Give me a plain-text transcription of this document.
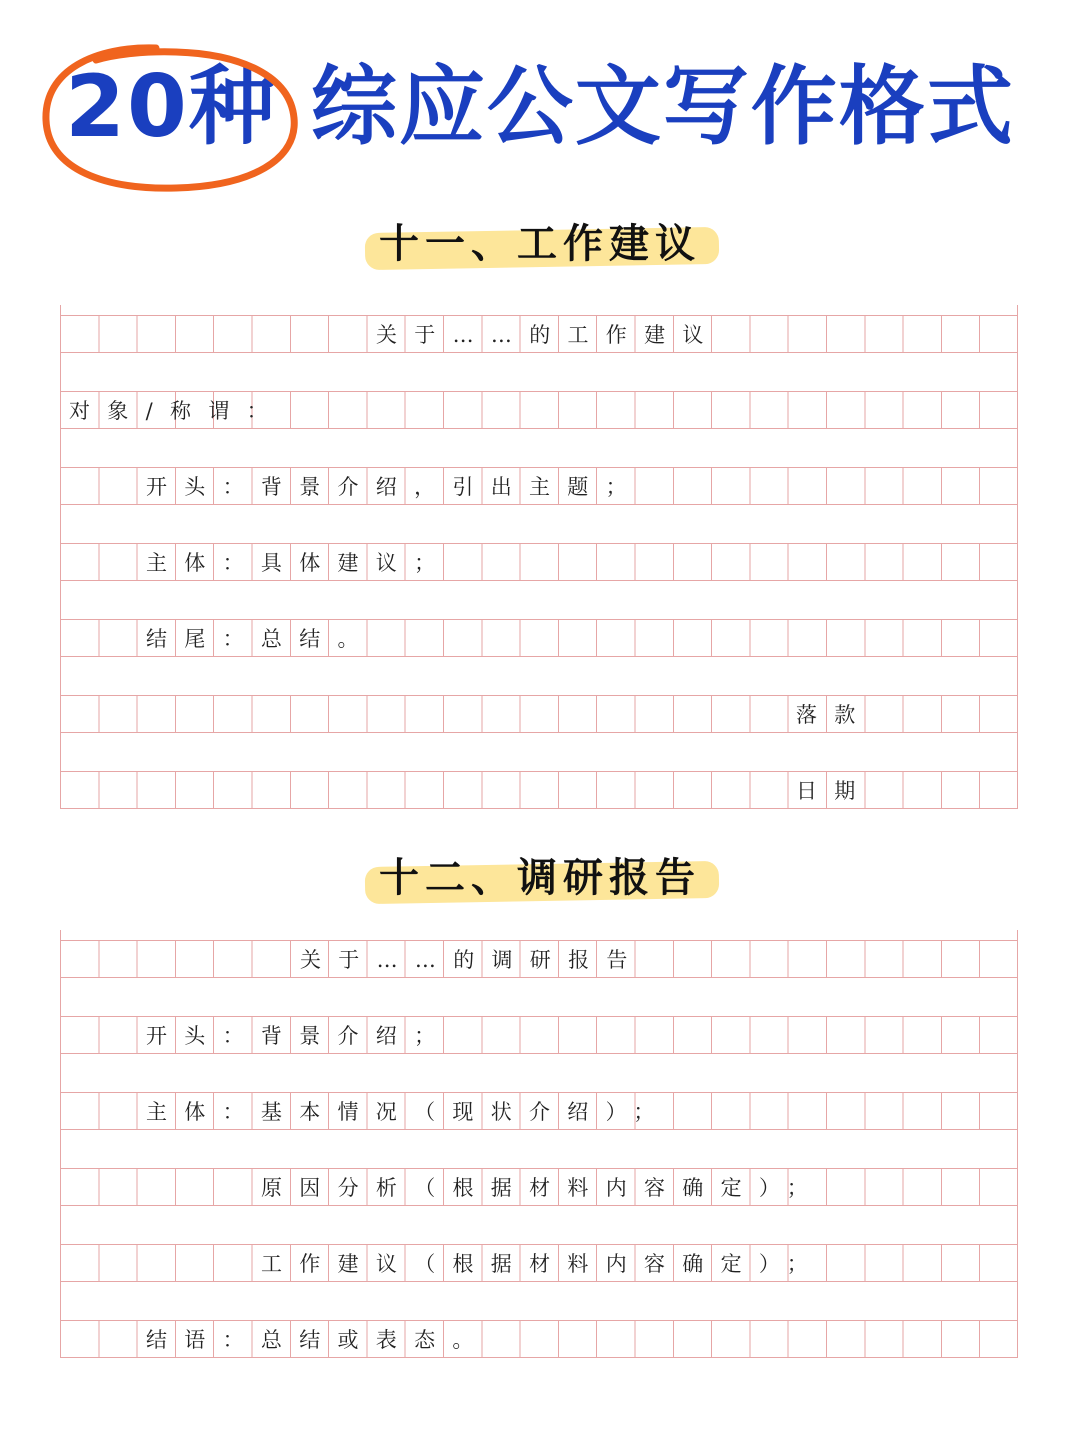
20种 综应公文写作格式
十一、工作建议
关于……的工作建议
对象/称谓：
开头：背景介绍，引出主题；
主体：具体建议；
结尾：总结。
落款
日期
十二、调研报告
关于……的调研报告
开头：背景介绍；
主体：基本情况（现状介绍）；
原因分析（根据材料内容确定）；
工作建议（根据材料内容确定）；
结语：总结或表态。
